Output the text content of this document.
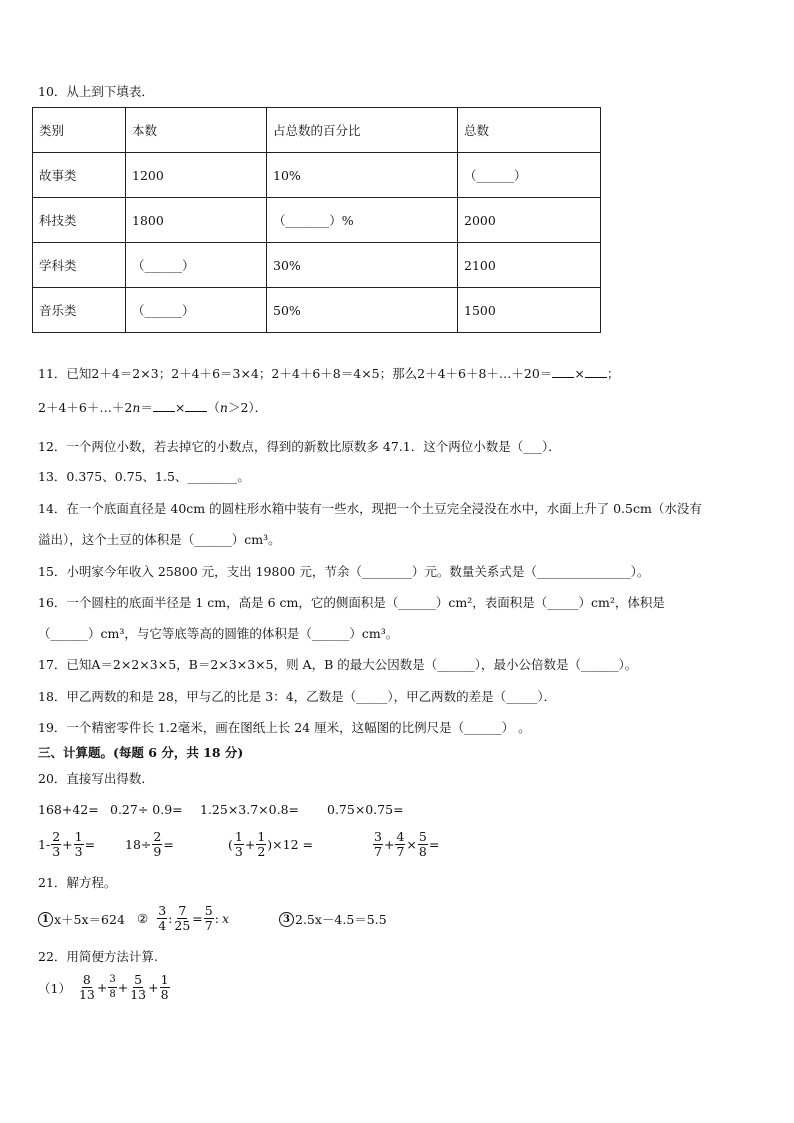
10．从上到下填表．
类别	本数	占总数的百分比	总数
故事类	1200	10%	（______）
科技类	1800	（_______）%	2000
学科类	（______）	30%	2100
音乐类	（______）	50%	1500
11．已知2＋4＝2×3；2＋4＋6＝3×4；2＋4＋6＋8＝4×5；那么2＋4＋6＋8＋…＋20＝ × ；
2＋4＋6＋…＋2n＝ × （n＞2）．
12．一个两位小数，若去掉它的小数点，得到的新数比原数多 47.1．这个两位小数是（___）．
13．0.375、0.75、1.5、________。
14．在一个底面直径是 40cm 的圆柱形水箱中装有一些水，现把一个土豆完全浸没在水中，水面上升了 0.5cm（水没有
溢出），这个土豆的体积是（______）cm³。
15．小明家今年收入 25800 元，支出 19800 元，节余（________）元。数量关系式是（_______________）。
16．一个圆柱的底面半径是 1 cm，高是 6 cm，它的侧面积是（______）cm²，表面积是（_____）cm²，体积是
（______）cm³，与它等底等高的圆锥的体积是（______）cm³。
17．已知A＝2×2×3×5，B＝2×3×3×5，则 A，B 的最大公因数是（______），最小公倍数是（______）。
18．甲乙两数的和是 28，甲与乙的比是 3：4，乙数是（_____），甲乙两数的差是（_____）．
19．一个精密零件长 1.2毫米，画在图纸上长 24 厘米，这幅图的比例尺是（______） 。
三、计算题。(每题 6 分，共 18 分)
20．直接写出得数．
168+42= 0.27÷ 0.9= 1.25×3.7×0.8= 0.75×0.75=
$1- \frac{2}{3} + \frac{1}{3} = 18\div \frac{2}{9}$ =	( $\frac{1}{3} + \frac{1}{2} )\times 12$ =	$\frac{3}{7} + \frac{4}{7} \times \frac{5}{8}$ =
21．解方程。
1 x＋5x＝624 ② $\frac{3}{4}$ : $\frac{7}{25} = \frac{5}{7}$ : x	3 2.5x－4.5＝5.5
22．用简便方法计算.
$(1) \frac{8}{13} + \frac{3}{8} + \frac{5}{13} + \frac{1}{8}$
